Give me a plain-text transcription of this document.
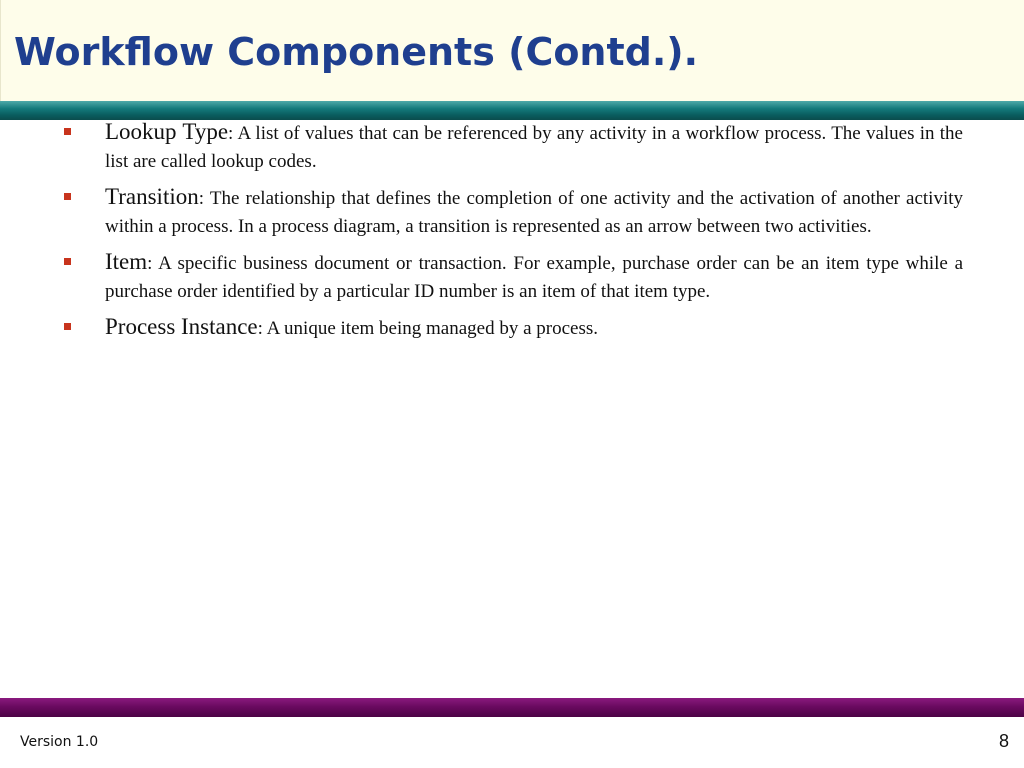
Workflow Components (Contd.).
Lookup Type: A list of values that can be referenced by any activity in a workflow process. The values in the list are called lookup codes.
Transition: The relationship that defines the completion of one activity and the activation of another activity within a process. In a process diagram, a transition is represented as an arrow between two activities.
Item: A specific business document or transaction. For example, purchase order can be an item type while a purchase order identified by a particular ID number is an item of that item type.
Process Instance: A unique item being managed by a process.
Version 1.0	8
